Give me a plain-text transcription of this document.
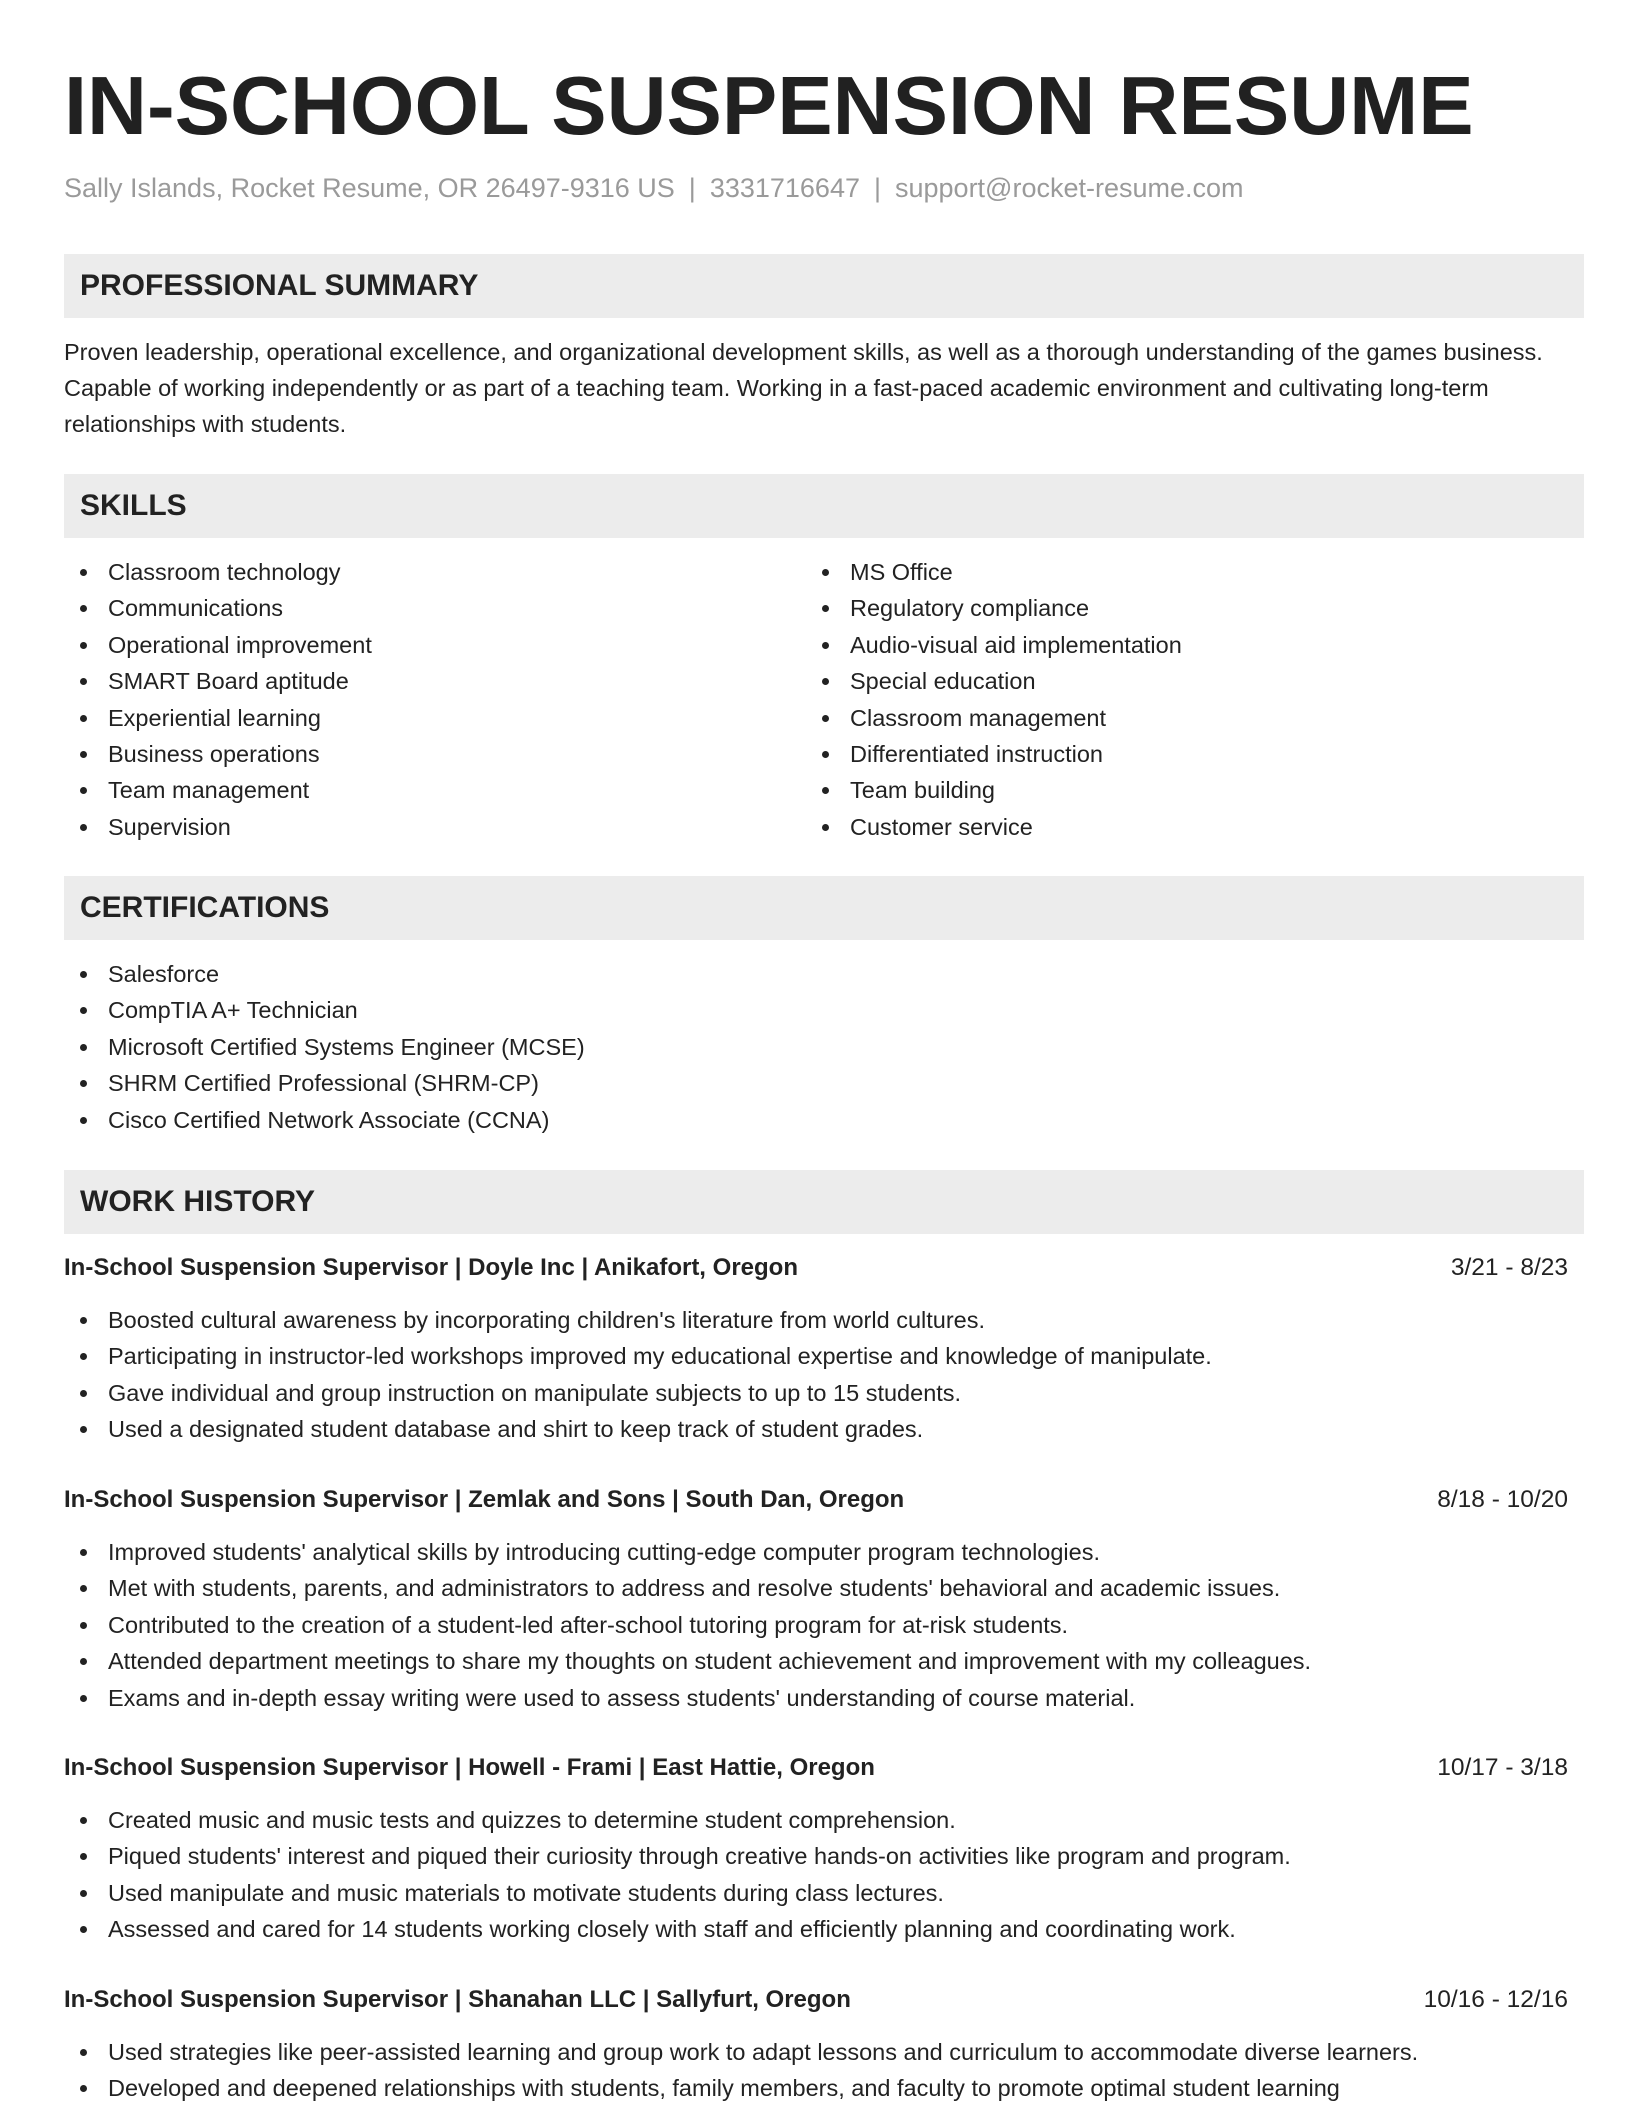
IN-SCHOOL SUSPENSION RESUME
Sally Islands, Rocket Resume, OR 26497-9316 US | 3331716647 | support@rocket-resume.com
PROFESSIONAL SUMMARY
Proven leadership, operational excellence, and organizational development skills, as well as a thorough understanding of the games business. Capable of working independently or as part of a teaching team. Working in a fast-paced academic environment and cultivating long-term relationships with students.
SKILLS
Classroom technology
Communications
Operational improvement
SMART Board aptitude
Experiential learning
Business operations
Team management
Supervision
MS Office
Regulatory compliance
Audio-visual aid implementation
Special education
Classroom management
Differentiated instruction
Team building
Customer service
CERTIFICATIONS
Salesforce
CompTIA A+ Technician
Microsoft Certified Systems Engineer (MCSE)
SHRM Certified Professional (SHRM-CP)
Cisco Certified Network Associate (CCNA)
WORK HISTORY
In-School Suspension Supervisor | Doyle Inc | Anikafort, Oregon	3/21 - 8/23
Boosted cultural awareness by incorporating children's literature from world cultures.
Participating in instructor-led workshops improved my educational expertise and knowledge of manipulate.
Gave individual and group instruction on manipulate subjects to up to 15 students.
Used a designated student database and shirt to keep track of student grades.
In-School Suspension Supervisor | Zemlak and Sons | South Dan, Oregon	8/18 - 10/20
Improved students' analytical skills by introducing cutting-edge computer program technologies.
Met with students, parents, and administrators to address and resolve students' behavioral and academic issues.
Contributed to the creation of a student-led after-school tutoring program for at-risk students.
Attended department meetings to share my thoughts on student achievement and improvement with my colleagues.
Exams and in-depth essay writing were used to assess students' understanding of course material.
In-School Suspension Supervisor | Howell - Frami | East Hattie, Oregon	10/17 - 3/18
Created music and music tests and quizzes to determine student comprehension.
Piqued students' interest and piqued their curiosity through creative hands-on activities like program and program.
Used manipulate and music materials to motivate students during class lectures.
Assessed and cared for 14 students working closely with staff and efficiently planning and coordinating work.
In-School Suspension Supervisor | Shanahan LLC | Sallyfurt, Oregon	10/16 - 12/16
Used strategies like peer-assisted learning and group work to adapt lessons and curriculum to accommodate diverse learners.
Developed and deepened relationships with students, family members, and faculty to promote optimal student learning
